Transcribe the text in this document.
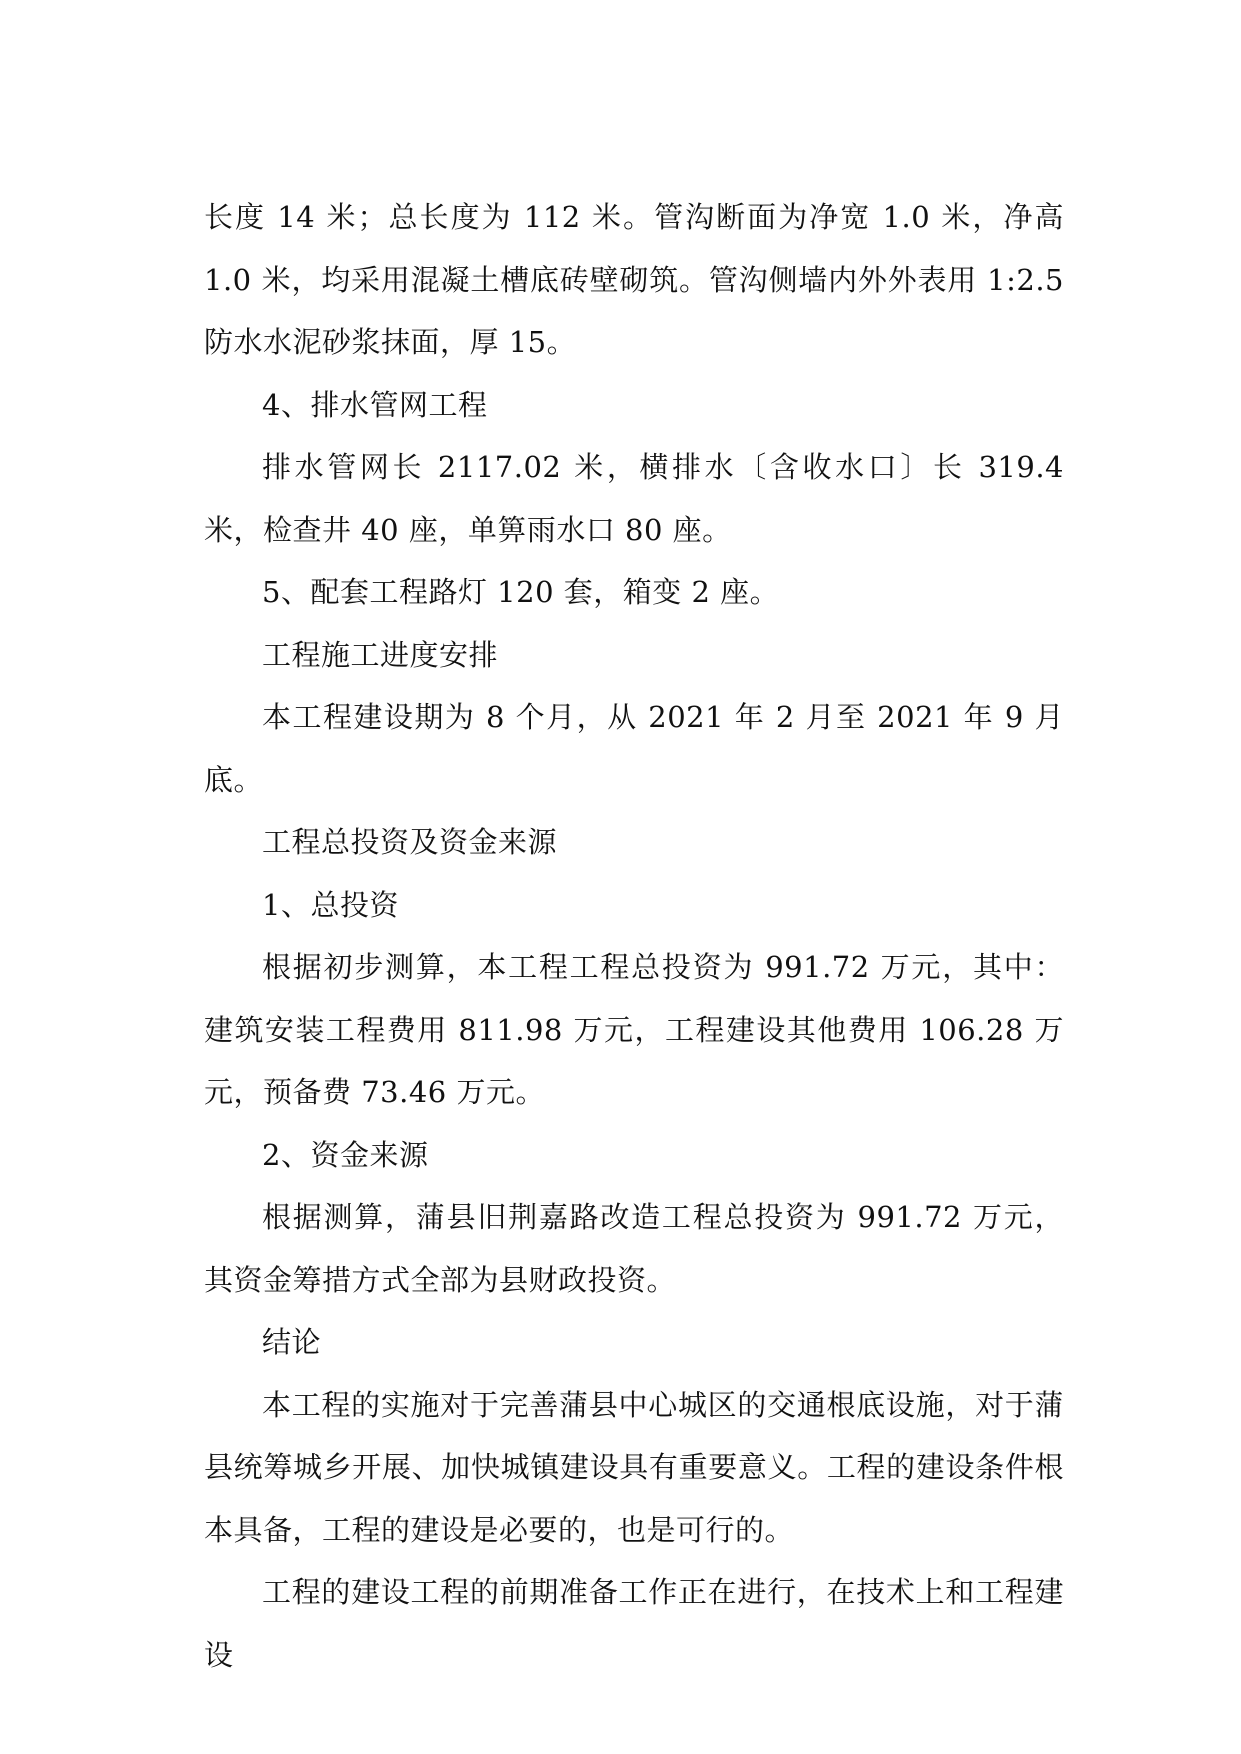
长度 14 米；总长度为 112 米。管沟断面为净宽 1.0 米，净高 1.0 米，均采用混凝土槽底砖壁砌筑。管沟侧墙内外外表用 1:2.5 防水水泥砂浆抹面，厚 15。

4、排水管网工程

排水管网长 2117.02 米，横排水〔含收水口〕长 319.4 米，检查井 40 座，单箅雨水口 80 座。

5、配套工程路灯 120 套，箱变 2 座。

工程施工进度安排

本工程建设期为 8 个月，从 2021 年 2 月至 2021 年 9 月底。

工程总投资及资金来源

1、总投资

根据初步测算，本工程工程总投资为 991.72 万元，其中：建筑安装工程费用 811.98 万元，工程建设其他费用 106.28 万元，预备费 73.46 万元。

2、资金来源

根据测算，蒲县旧荆嘉路改造工程总投资为 991.72 万元，其资金筹措方式全部为县财政投资。

结论

本工程的实施对于完善蒲县中心城区的交通根底设施，对于蒲县统筹城乡开展、加快城镇建设具有重要意义。工程的建设条件根本具备，工程的建设是必要的，也是可行的。

工程的建设工程的前期准备工作正在进行，在技术上和工程建设
